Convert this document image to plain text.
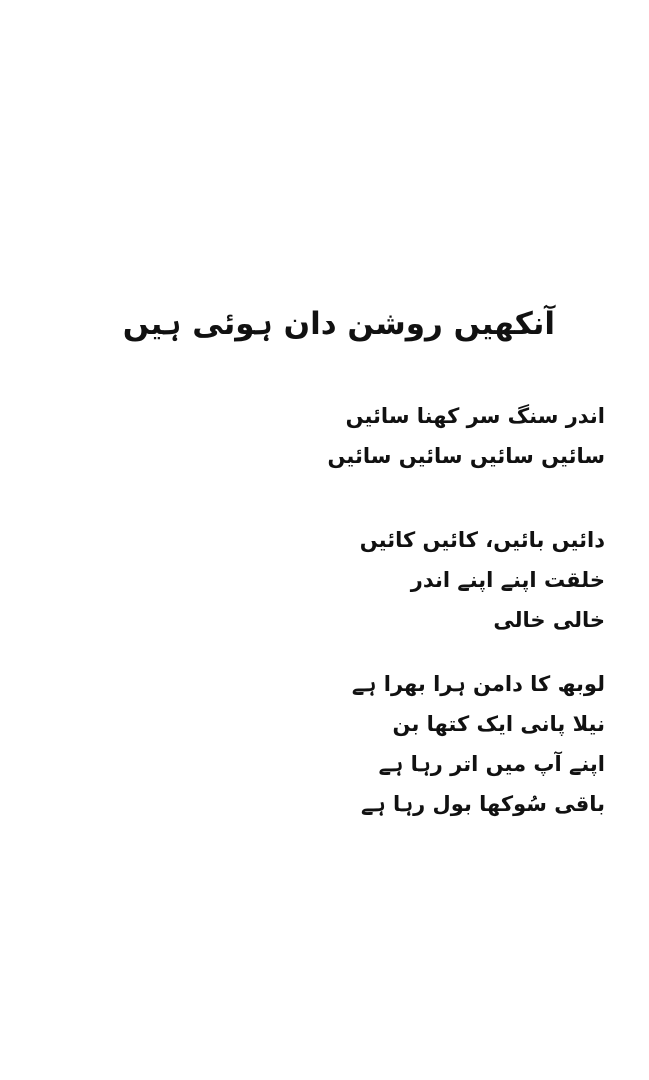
آنکھیں روشن دان ہوئی ہیں
اندر سنگ سر کھنا سائیں
سائیں سائیں سائیں سائیں
دائیں بائیں، کائیں کائیں
خلقت اپنے اپنے اندر
خالی خالی
لوبھ کا دامن ہرا بھرا ہے
نیلا پانی ایک کتھا بن
اپنے آپ میں اتر رہا ہے
باقی سُوکھا بول رہا ہے
